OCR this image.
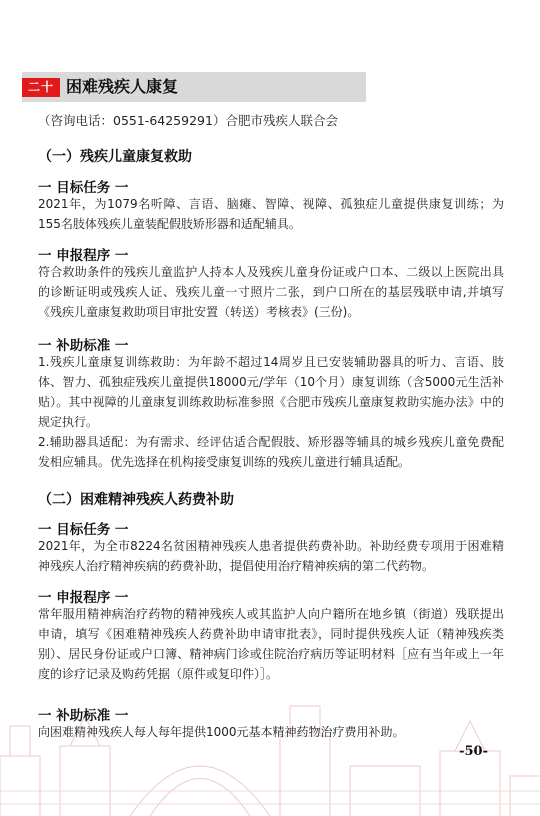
二十 困难残疾人康复
（咨询电话：0551-64259291）合肥市残疾人联合会
（一）残疾儿童康复救助
一 目标任务 一
2021年，为1079名听障、言语、脑瘫、智障、视障、孤独症儿童提供康复训练；为155名肢体残疾儿童装配假肢矫形器和适配辅具。
一 申报程序 一
符合救助条件的残疾儿童监护人持本人及残疾儿童身份证或户口本、二级以上医院出具的诊断证明或残疾人证、残疾儿童一寸照片二张，到户口所在的基层残联申请,并填写《残疾儿童康复救助项目审批安置（转送）考核表》(三份)。
一 补助标准 一

1.残疾儿童康复训练救助：为年龄不超过14周岁且已安装辅助器具的听力、言语、肢体、智力、孤独症残疾儿童提供18000元/学年（10个月）康复训练（含5000元生活补贴）。其中视障的儿童康复训练救助标准参照《合肥市残疾儿童康复救助实施办法》中的规定执行。

2.辅助器具适配：为有需求、经评估适合配假肢、矫形器等辅具的城乡残疾儿童免费配发相应辅具。优先选择在机构接受康复训练的残疾儿童进行辅具适配。

（二）困难精神残疾人药费补助
一 目标任务 一
2021年，为全市8224名贫困精神残疾人患者提供药费补助。补助经费专项用于困难精神残疾人治疗精神疾病的药费补助，提倡使用治疗精神疾病的第二代药物。
一 申报程序 一
常年服用精神病治疗药物的精神残疾人或其监护人向户籍所在地乡镇（街道）残联提出申请，填写《困难精神残疾人药费补助申请审批表》，同时提供残疾人证（精神残疾类别）、居民身份证或户口簿、精神病门诊或住院治疗病历等证明材料［应有当年或上一年度的诊疗记录及购药凭据（原件或复印件）］。
一 补助标准 一
向困难精神残疾人每人每年提供1000元基本精神药物治疗费用补助。
-50-
